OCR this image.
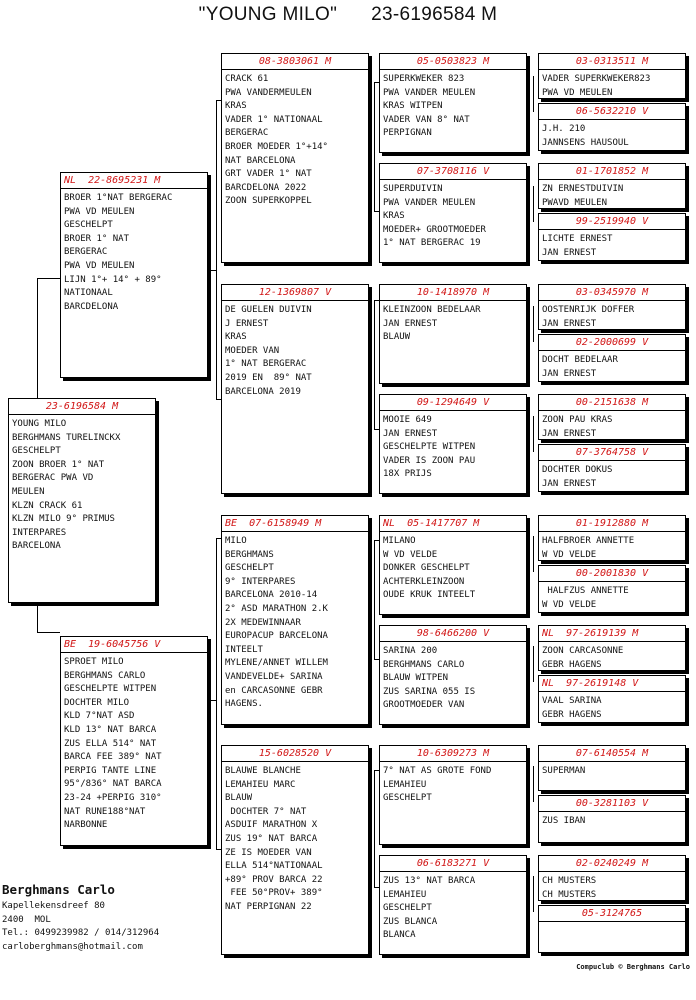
"YOUNG MILO" 23-6196584 M
23-6196584 M
YOUNG MILO
BERGHMANS TURELINCKX
GESCHELPT
ZOON BROER 1° NAT
BERGERAC PWA VD
MEULEN
KLZN CRACK 61
KLZN MILO 9° PRIMUS
INTERPARES
BARCELONA
NL  22-8695231 M
BROER 1°NAT BERGERAC
PWA VD MEULEN
GESCHELPT
BROER 1° NAT
BERGERAC
PWA VD MEULEN
LIJN 1°+ 14° + 89°
NATIONAAL
BARCDELONA
BE  19-6045756 V
SPROET MILO
BERGHMANS CARLO
GESCHELPTE WITPEN
DOCHTER MILO
KLD 7°NAT ASD
KLD 13° NAT BARCA
ZUS ELLA 514° NAT
BARCA FEE 389° NAT
PERPIG TANTE LINE
95°/836° NAT BARCA
23-24 +PERPIG 310°
NAT RUNE188°NAT
NARBONNE
08-3803061 M
CRACK 61
PWA VANDERMEULEN
KRAS
VADER 1° NATIONAAL
BERGERAC
BROER MOEDER 1°+14°
NAT BARCELONA
GRT VADER 1° NAT
BARCDELONA 2022
ZOON SUPERKOPPEL
12-1369807 V
DE GUELEN DUIVIN
J ERNEST
KRAS
MOEDER VAN
1° NAT BERGERAC
2019 EN  89° NAT
BARCELONA 2019
BE  07-6158949 M
MILO
BERGHMANS
GESCHELPT
9° INTERPARES
BARCELONA 2010-14
2° ASD MARATHON 2.K
2X MEDEWINNAAR
EUROPACUP BARCELONA
INTEELT
MYLENE/ANNET WILLEM
VANDEVELDE+ SARINA
en CARCASONNE GEBR
HAGENS.
15-6028520 V
BLAUWE BLANCHE
LEMAHIEU MARC
BLAUW
DOCHTER 7° NAT
ASDUIF MARATHON X
ZUS 19° NAT BARCA
ZE IS MOEDER VAN
ELLA 514°NATIONAAL
+89° PROV BARCA 22
FEE 50°PROV+ 389°
NAT PERPIGNAN 22
05-0503823 M
SUPERKWEKER 823
PWA VANDER MEULEN
KRAS WITPEN
VADER VAN 8° NAT
PERPIGNAN
07-3708116 V
SUPERDUIVIN
PWA VANDER MEULEN
KRAS
MOEDER+ GROOTMOEDER
1° NAT BERGERAC 19
10-1418970 M
KLEINZOON BEDELAAR
JAN ERNEST
BLAUW
09-1294649 V
MOOIE 649
JAN ERNEST
GESCHELPTE WITPEN
VADER IS ZOON PAU
18X PRIJS
NL  05-1417707 M
MILANO
W VD VELDE
DONKER GESCHELPT
ACHTERKLEINZOON
OUDE KRUK INTEELT
98-6466200 V
SARINA 200
BERGHMANS CARLO
BLAUW WITPEN
ZUS SARINA 055 IS
GROOTMOEDER VAN
10-6309273 M
7° NAT AS GROTE FOND
LEMAHIEU
GESCHELPT
06-6183271 V
ZUS 13° NAT BARCA
LEMAHIEU
GESCHELPT
ZUS BLANCA
BLANCA
03-0313511 M
VADER SUPERKWEKER823
PWA VD MEULEN
06-5632210 V
J.H. 210
JANNSENS HAUSOUL
01-1701852 M
ZN ERNESTDUIVIN
PWAVD MEULEN
99-2519940 V
LICHTE ERNEST
JAN ERNEST
03-0345970 M
OOSTENRIJK DOFFER
JAN ERNEST
02-2000699 V
DOCHT BEDELAAR
JAN ERNEST
00-2151638 M
ZOON PAU KRAS
JAN ERNEST
07-3764758 V
DOCHTER DOKUS
JAN ERNEST
01-1912880 M
HALFBROER ANNETTE
W VD VELDE
00-2001830 V
HALFZUS ANNETTE
W VD VELDE
NL  97-2619139 M
ZOON CARCASONNE
GEBR HAGENS
NL  97-2619148 V
VAAL SARINA
GEBR HAGENS
07-6140554 M
SUPERMAN
00-3281103 V
ZUS IBAN
02-0240249 M
CH MUSTERS
CH MUSTERS
05-3124765
Berghmans Carlo
Kapellekensdreef 80
2400  MOL
Tel.: 0499239982 / 014/312964
carloberghmans@hotmail.com
Compuclub © Berghmans Carlo
